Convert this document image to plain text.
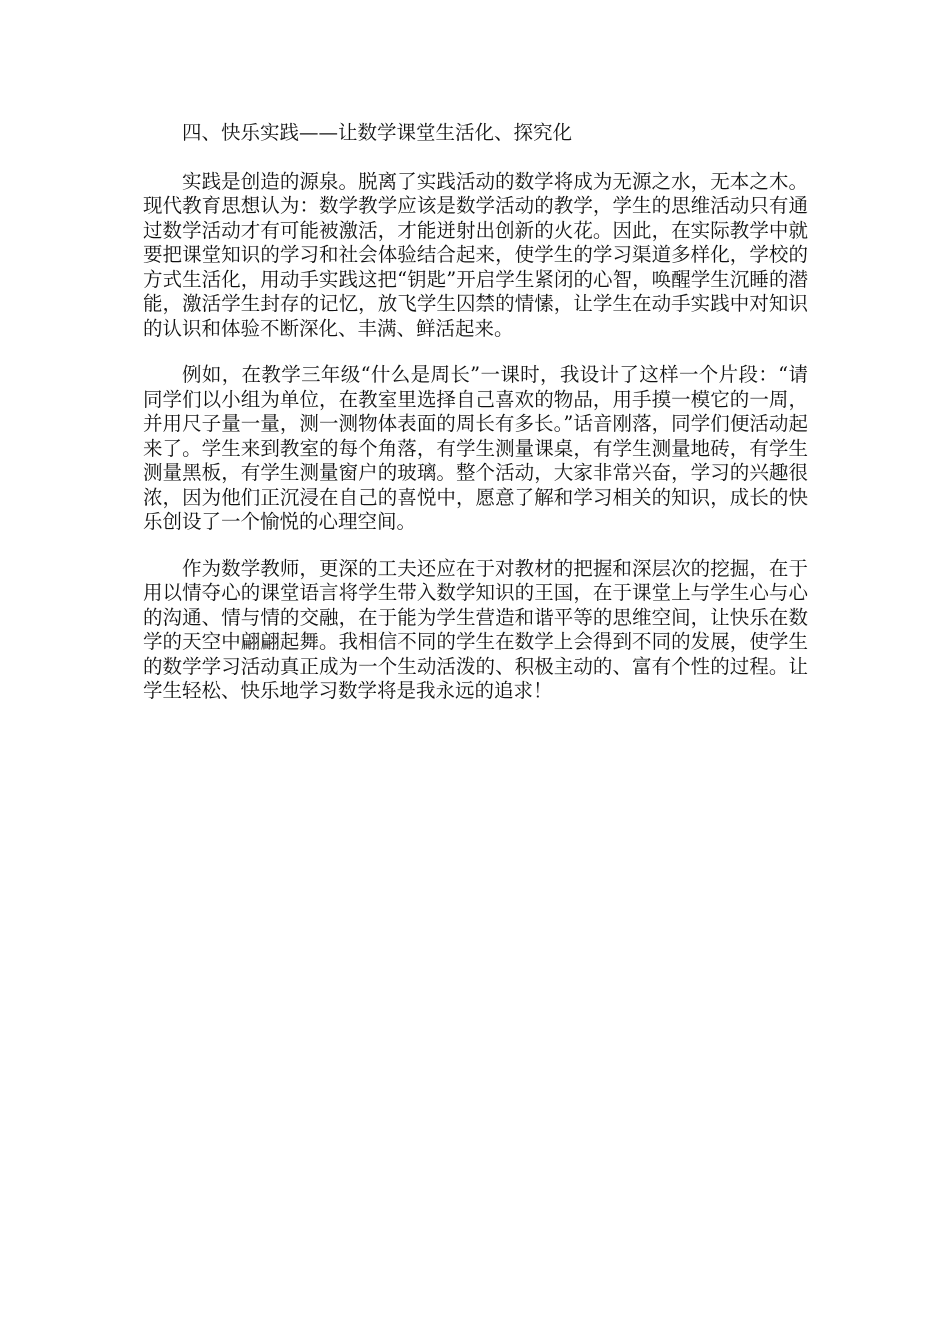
四、快乐实践——让数学课堂生活化、探究化

实践是创造的源泉。脱离了实践活动的数学将成为无源之水，无本之木。现代教育思想认为：数学教学应该是数学活动的教学，学生的思维活动只有通过数学活动才有可能被激活，才能迸射出创新的火花。因此，在实际教学中就要把课堂知识的学习和社会体验结合起来，使学生的学习渠道多样化，学校的方式生活化，用动手实践这把“钥匙”开启学生紧闭的心智，唤醒学生沉睡的潜能，激活学生封存的记忆，放飞学生囚禁的情愫，让学生在动手实践中对知识的认识和体验不断深化、丰满、鲜活起来。

例如，在教学三年级“什么是周长”一课时，我设计了这样一个片段：“请同学们以小组为单位，在教室里选择自己喜欢的物品，用手摸一模它的一周，并用尺子量一量，测一测物体表面的周长有多长。”话音刚落，同学们便活动起来了。学生来到教室的每个角落，有学生测量课桌，有学生测量地砖，有学生测量黑板，有学生测量窗户的玻璃。整个活动，大家非常兴奋，学习的兴趣很浓，因为他们正沉浸在自己的喜悦中，愿意了解和学习相关的知识，成长的快乐创设了一个愉悦的心理空间。

作为数学教师，更深的工夫还应在于对教材的把握和深层次的挖掘，在于用以情夺心的课堂语言将学生带入数学知识的王国，在于课堂上与学生心与心的沟通、情与情的交融，在于能为学生营造和谐平等的思维空间，让快乐在数学的天空中翩翩起舞。我相信不同的学生在数学上会得到不同的发展，使学生的数学学习活动真正成为一个生动活泼的、积极主动的、富有个性的过程。让学生轻松、快乐地学习数学将是我永远的追求！
